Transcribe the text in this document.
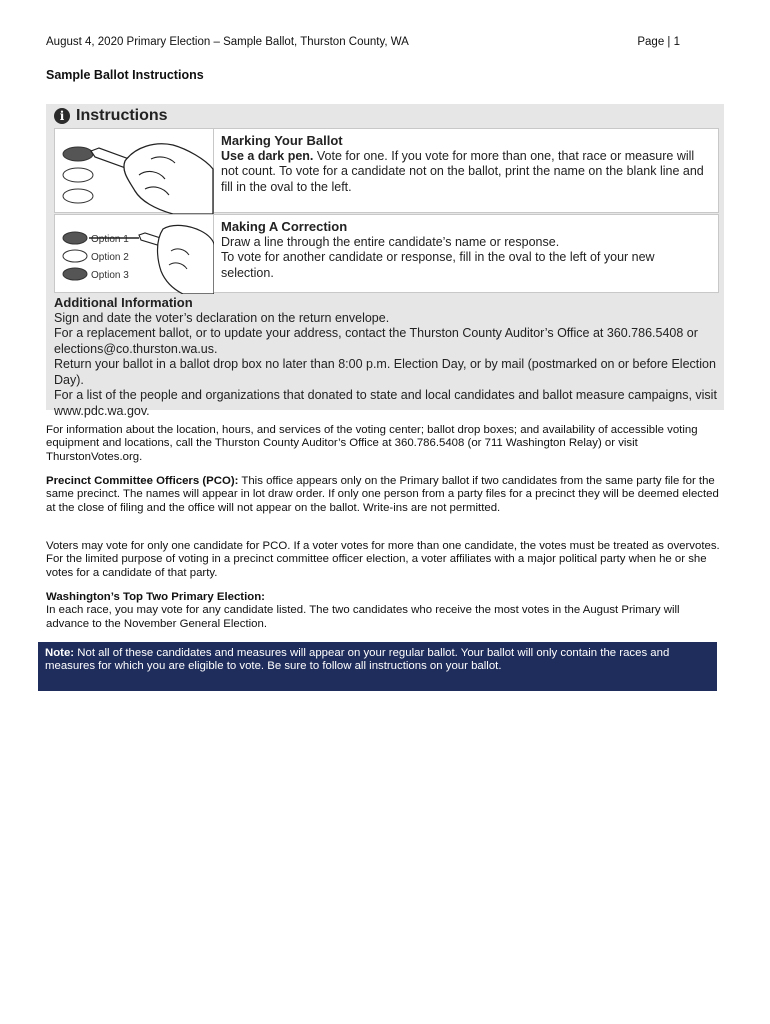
August 4, 2020 Primary Election – Sample Ballot, Thurston County, WA	Page | 1
Sample Ballot Instructions
i Instructions
Marking Your Ballot
Use a dark pen. Vote for one. If you vote for more than one, that race or measure will not count. To vote for a candidate not on the ballot, print the name on the blank line and fill in the oval to the left.
Option 1
Option 2
Option 3
Making A Correction
Draw a line through the entire candidate’s name or response.
To vote for another candidate or response, fill in the oval to the left of your new selection.
Additional Information
Sign and date the voter’s declaration on the return envelope.
For a replacement ballot, or to update your address, contact the Thurston County Auditor’s Office at 360.786.5408 or elections@co.thurston.wa.us.
Return your ballot in a ballot drop box no later than 8:00 p.m. Election Day, or by mail (postmarked on or before Election Day).
For a list of the people and organizations that donated to state and local candidates and ballot measure campaigns, visit www.pdc.wa.gov.
For information about the location, hours, and services of the voting center; ballot drop boxes; and availability of accessible voting equipment and locations, call the Thurston County Auditor’s Office at 360.786.5408 (or 711 Washington Relay) or visit ThurstonVotes.org.
Precinct Committee Officers (PCO): This office appears only on the Primary ballot if two candidates from the same party file for the same precinct. The names will appear in lot draw order. If only one person from a party files for a precinct they will be deemed elected at the close of filing and the office will not appear on the ballot. Write-ins are not permitted.
Voters may vote for only one candidate for PCO. If a voter votes for more than one candidate, the votes must be treated as overvotes. For the limited purpose of voting in a precinct committee officer election, a voter affiliates with a major political party when he or she votes for a candidate of that party.
Washington’s Top Two Primary Election:
In each race, you may vote for any candidate listed. The two candidates who receive the most votes in the August Primary will advance to the November General Election.
Note: Not all of these candidates and measures will appear on your regular ballot. Your ballot will only contain the races and measures for which you are eligible to vote. Be sure to follow all instructions on your ballot.
